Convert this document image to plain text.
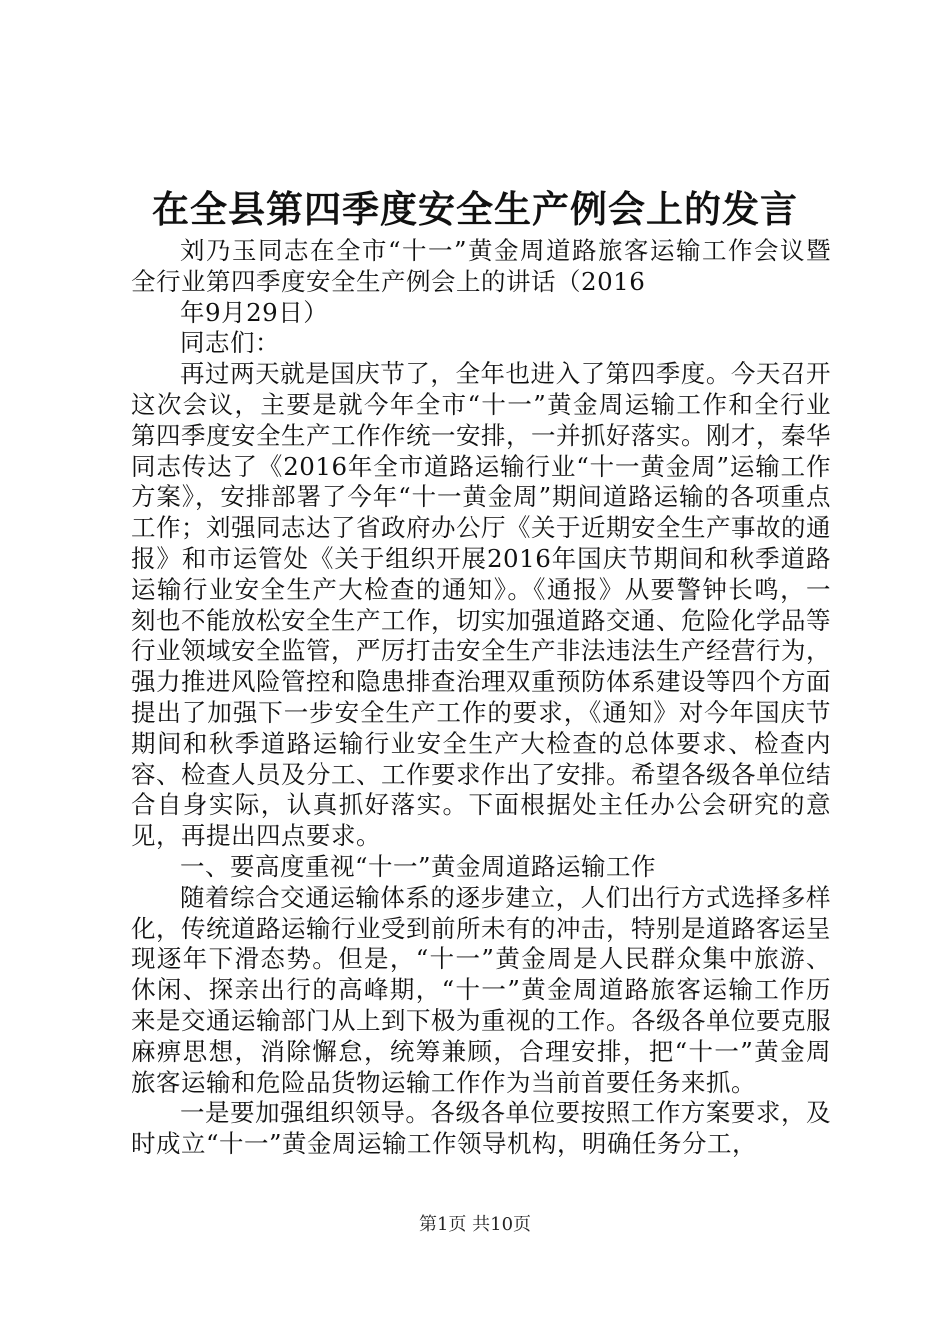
在全县第四季度安全生产例会上的发言

刘乃玉同志在全市“十一”黄金周道路旅客运输工作会议暨全行业第四季度安全生产例会上的讲话（2016

年9月29日）

同志们：

再过两天就是国庆节了，全年也进入了第四季度。今天召开这次会议，主要是就今年全市“十一”黄金周运输工作和全行业第四季度安全生产工作作统一安排，一并抓好落实。刚才，秦华同志传达了《2016年全市道路运输行业“十一黄金周”运输工作方案》，安排部署了今年“十一黄金周”期间道路运输的各项重点工作；刘强同志达了省政府办公厅《关于近期安全生产事故的通报》和市运管处《关于组织开展2016年国庆节期间和秋季道路运输行业安全生产大检查的通知》。《通报》从要警钟长鸣，一刻也不能放松安全生产工作，切实加强道路交通、危险化学品等行业领域安全监管，严厉打击安全生产非法违法生产经营行为，强力推进风险管控和隐患排查治理双重预防体系建设等四个方面提出了加强下一步安全生产工作的要求，《通知》对今年国庆节期间和秋季道路运输行业安全生产大检查的总体要求、检查内容、检查人员及分工、工作要求作出了安排。希望各级各单位结合自身实际，认真抓好落实。下面根据处主任办公会研究的意见，再提出四点要求。

一、要高度重视“十一”黄金周道路运输工作

随着综合交通运输体系的逐步建立，人们出行方式选择多样化，传统道路运输行业受到前所未有的冲击，特别是道路客运呈现逐年下滑态势。但是，“十一”黄金周是人民群众集中旅游、休闲、探亲出行的高峰期，“十一”黄金周道路旅客运输工作历来是交通运输部门从上到下极为重视的工作。各级各单位要克服麻痹思想，消除懈怠，统筹兼顾，合理安排，把“十一”黄金周旅客运输和危险品货物运输工作作为当前首要任务来抓。

一是要加强组织领导。各级各单位要按照工作方案要求，及时成立“十一”黄金周运输工作领导机构，明确任务分工，

第1页 共10页
